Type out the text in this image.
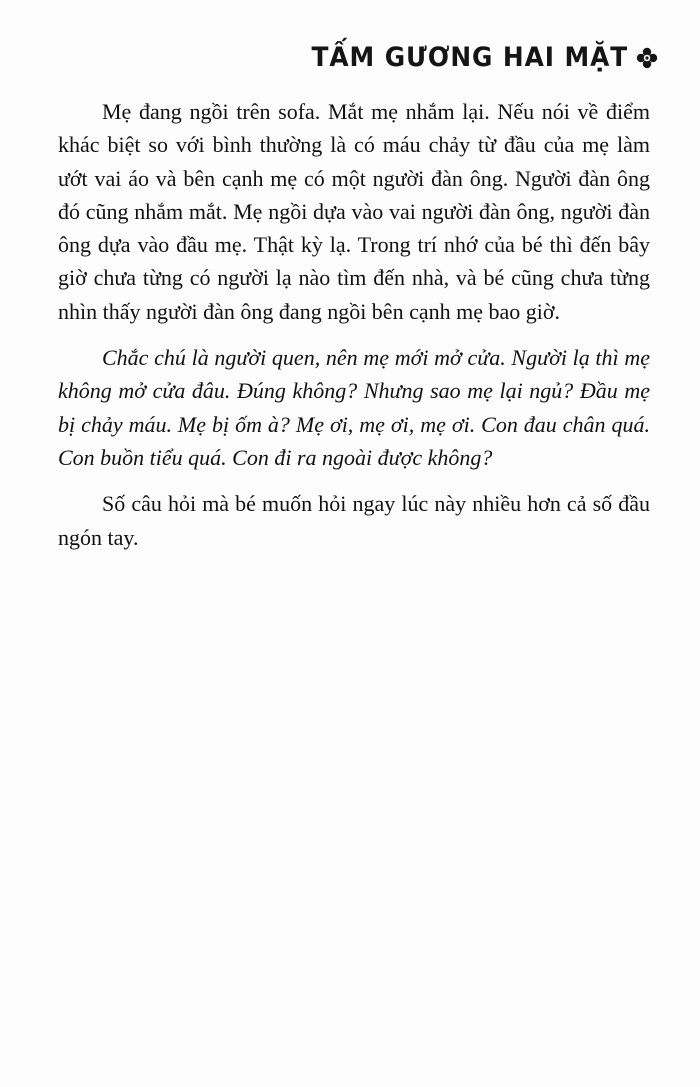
TẤM GƯƠNG HAI MẶT

Mẹ đang ngồi trên sofa. Mắt mẹ nhắm lại. Nếu nói về điểm khác biệt so với bình thường là có máu chảy từ đầu của mẹ làm ướt vai áo và bên cạnh mẹ có một người đàn ông. Người đàn ông đó cũng nhắm mắt. Mẹ ngồi dựa vào vai người đàn ông, người đàn ông dựa vào đầu mẹ. Thật kỳ lạ. Trong trí nhớ của bé thì đến bây giờ chưa từng có người lạ nào tìm đến nhà, và bé cũng chưa từng nhìn thấy người đàn ông đang ngồi bên cạnh mẹ bao giờ.

Chắc chú là người quen, nên mẹ mới mở cửa. Người lạ thì mẹ không mở cửa đâu. Đúng không? Nhưng sao mẹ lại ngủ? Đầu mẹ bị chảy máu. Mẹ bị ốm à? Mẹ ơi, mẹ ơi, mẹ ơi. Con đau chân quá. Con buồn tiểu quá. Con đi ra ngoài được không?

Số câu hỏi mà bé muốn hỏi ngay lúc này nhiều hơn cả số đầu ngón tay.
